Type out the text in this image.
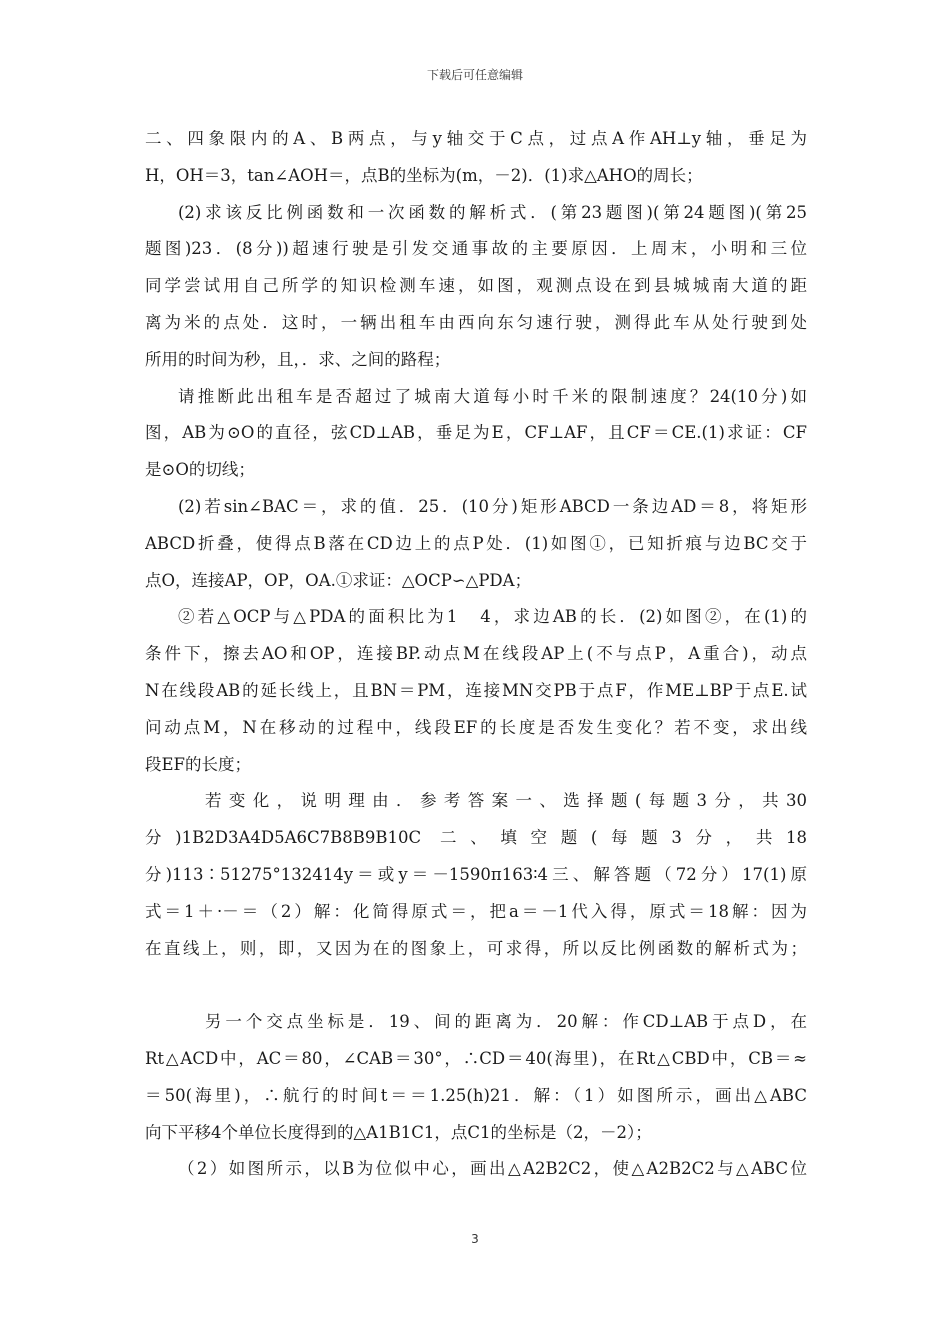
下载后可任意编辑
二、四象限内的A、B两点，与y轴交于C点，过点A作AH⊥y轴，垂足为
H，OH＝3，tan∠AOH＝，点B的坐标为(m，－2)．(1)求△AHO的周长；
(2)求该反比例函数和一次函数的解析式．(第23题图)(第24题图)(第25
题图)23．(8分))超速行驶是引发交通事故的主要原因．上周末，小明和三位
同学尝试用自己所学的知识检测车速，如图，观测点设在到县城城南大道的距
离为米的点处．这时，一辆出租车由西向东匀速行驶，测得此车从处行驶到处
所用的时间为秒，且，．求、之间的路程；
请推断此出租车是否超过了城南大道每小时千米的限制速度？24(10分)如
图，AB为⊙O的直径，弦CD⊥AB，垂足为E，CF⊥AF，且CF＝CE.(1)求证：CF
是⊙O的切线；
(2)若sin∠BAC＝，求的值．25．(10分)矩形ABCD一条边AD＝8，将矩形
ABCD折叠，使得点B落在CD边上的点P处．(1)如图①，已知折痕与边BC交于
点O，连接AP，OP，OA.①求证：△OCP∽△PDA；
②若△OCP与△PDA的面积比为1　4，求边AB的长．(2)如图②，在(1)的
条件下，擦去AO和OP，连接BP.动点M在线段AP上(不与点P，A重合)，动点
N在线段AB的延长线上，且BN＝PM，连接MN交PB于点F，作ME⊥BP于点E.试
问动点M，N在移动的过程中，线段EF的长度是否发生变化？若不变，求出线
段EF的长度；
若变化，说明理由．参考答案一、选择题(每题3分，共30
分)1B2D3A4D5A6C7B8B9B10C 二、填空题(每题3分，共18
分)113∶51275°132414y＝或y＝－1590π163∶4三、解答题（72分）17(1)原
式＝1＋·－＝（2）解：化简得原式＝，把a＝－1代入得，原式＝18解：因为
在直线上，则，即，又因为在的图象上，可求得，所以反比例函数的解析式为；
另一个交点坐标是．19、间的距离为．20解：作CD⊥AB于点D，在
Rt△ACD中，AC＝80，∠CAB＝30°，∴CD＝40(海里)，在Rt△CBD中，CB＝≈
＝50(海里)，∴航行的时间t＝＝1.25(h)21．解：（1）如图所示，画出△ABC
向下平移4个单位长度得到的△A1B1C1，点C1的坐标是（2，－2）；
（2）如图所示，以B为位似中心，画出△A2B2C2，使△A2B2C2与△ABC位
3
